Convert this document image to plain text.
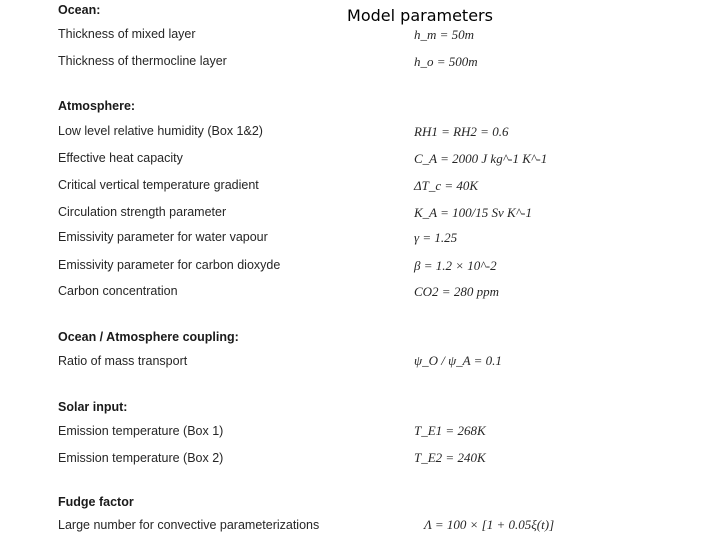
Model parameters
Ocean:
Thickness of mixed layer	h_m = 50m
Thickness of thermocline layer	h_o = 500m
Atmosphere:
Low level relative humidity (Box 1&2)	RH1 = RH2 = 0.6
Effective heat capacity	C_A = 2000 J kg^-1 K^-1
Critical vertical temperature gradient	ΔT_c = 40K
Circulation strength parameter	K_A = 100/15 Sv K^-1
Emissivity parameter for water vapour	γ = 1.25
Emissivity parameter for carbon dioxyde	β = 1.2 × 10^-2
Carbon concentration	CO2 = 280 ppm
Ocean / Atmosphere coupling:
Ratio of mass transport	ψ_O / ψ_A = 0.1
Solar input:
Emission temperature (Box 1)	T_E1 = 268K
Emission temperature (Box 2)	T_E2 = 240K
Fudge factor
Large number for convective parameterizations	Λ = 100 × [1 + 0.05ξ(t)]
